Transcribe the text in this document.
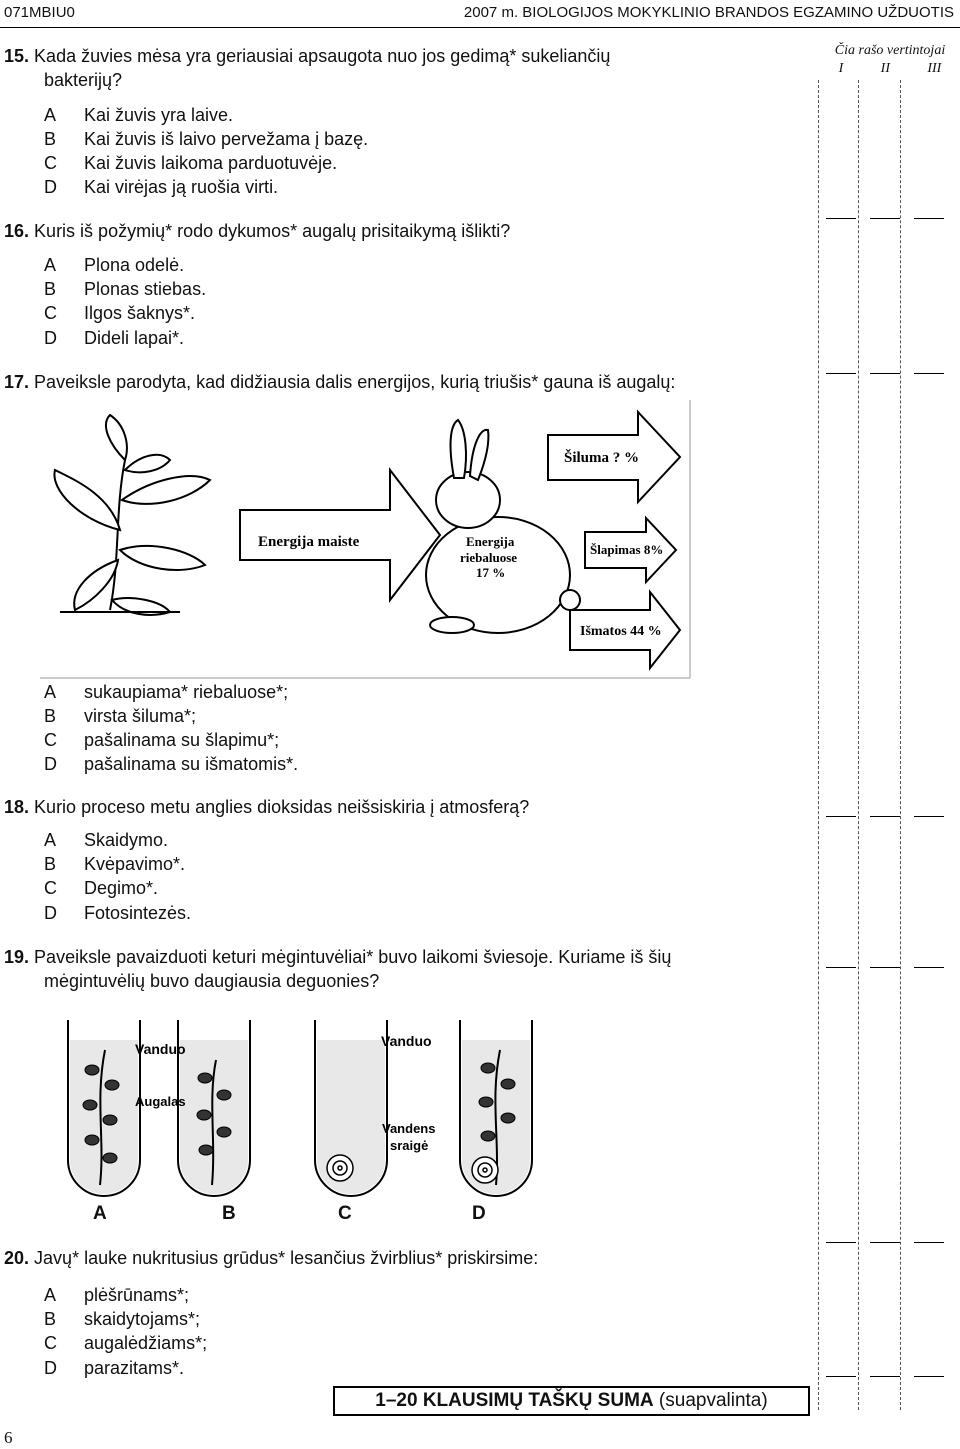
071MBIU0	2007 m. BIOLOGIJOS MOKYKLINIO BRANDOS EGZAMINO UŽDUOTIS
Čia rašo vertintojai
I	II	III
15. Kada žuvies mėsa yra geriausiai apsaugota nuo jos gedimą* sukeliančių
bakterijų?
A Kai žuvis yra laive.
B Kai žuvis iš laivo pervežama į bazę.
C Kai žuvis laikoma parduotuvėje.
D Kai virėjas ją ruošia virti.
16. Kuris iš požymių* rodo dykumos* augalų prisitaikymą išlikti?
A Plona odelė.
B Plonas stiebas.
C Ilgos šaknys*.
D Dideli lapai*.
17. Paveiksle parodyta, kad didžiausia dalis energijos, kurią triušis* gauna iš augalų:
Energija maiste	Energija
riebaluose
17 %
Šiluma ? %
Šlapimas 8%
Išmatos 44 %
A sukaupiama* riebaluose*;
B virsta šiluma*;
C pašalinama su šlapimu*;
D pašalinama su išmatomis*.
18. Kurio proceso metu anglies dioksidas neišsiskiria į atmosferą?
A Skaidymo.
B Kvėpavimo*.
C Degimo*.
D Fotosintezės.
19. Paveiksle pavaizduoti keturi mėgintuvėliai* buvo laikomi šviesoje. Kuriame iš šių
mėgintuvėlių buvo daugiausia deguonies?
Vanduo	Vanduo
Augalas
Vandens
sraigė
A	B	C	D
20. Javų* lauke nukritusius grūdus* lesančius žvirblius* priskirsime:
A plėšrūnams*;
B skaidytojams*;
C augalėdžiams*;
D parazitams*.
1–20 KLAUSIMŲ TAŠKŲ SUMA (suapvalinta)
6
